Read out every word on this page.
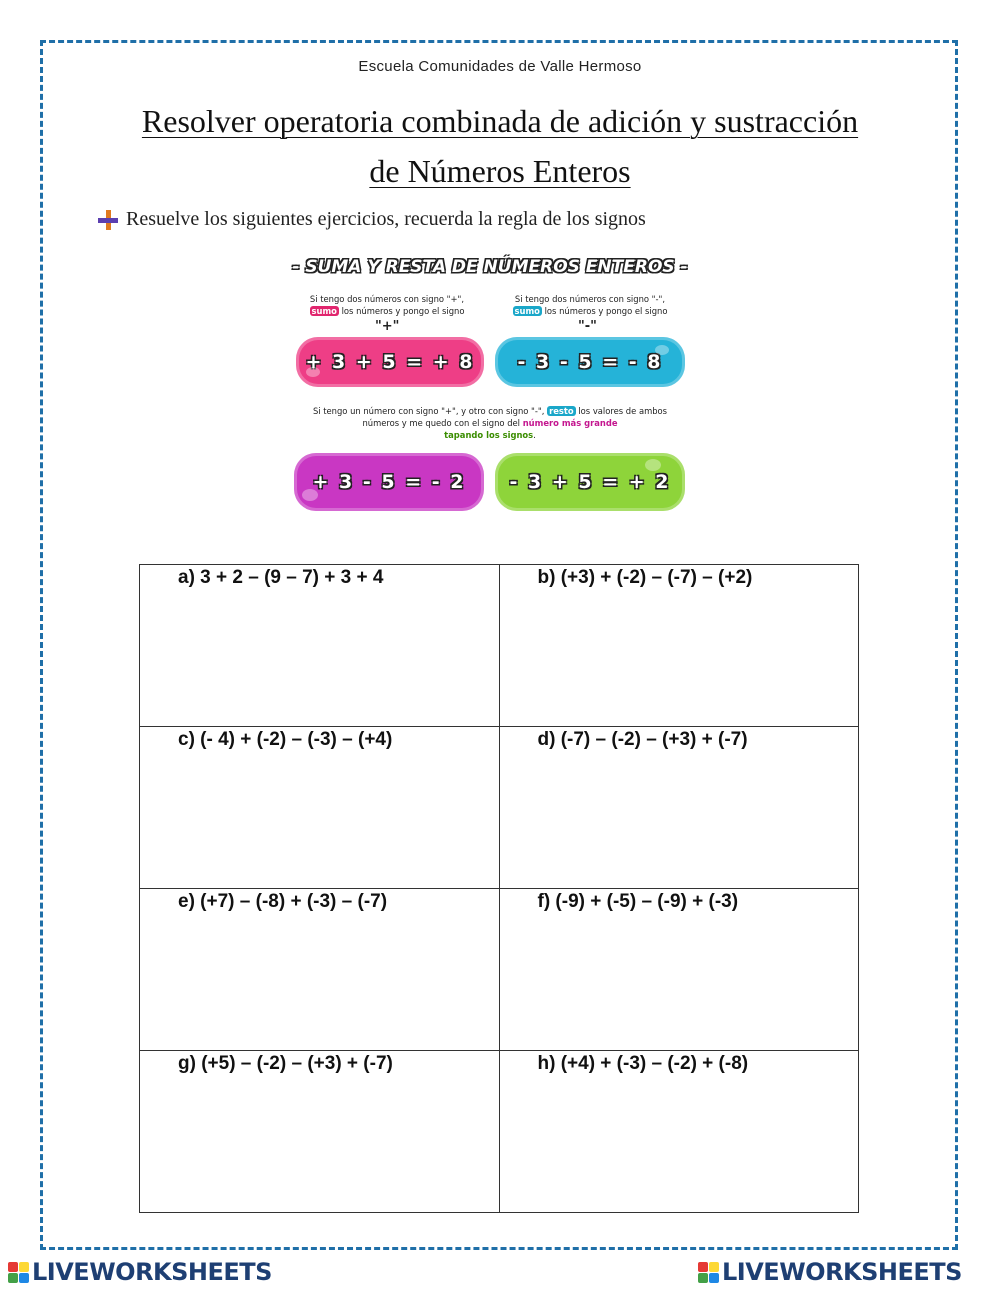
Escuela Comunidades de Valle Hermoso
Resolver operatoria combinada de adición y sustracción
de Números Enteros
Resuelve los siguientes ejercicios, recuerda la regla de los signos
- SUMA Y RESTA DE NÚMEROS ENTEROS -
Si tengo dos números con signo "+",
sumo los números y pongo el signo
"+"
Si tengo dos números con signo "-",
sumo los números y pongo el signo
"-"
+ 3 + 5 = + 8 - 3 - 5 = - 8
Si tengo un número con signo "+", y otro con signo "-", resto los valores de ambos números y me quedo con el signo del número más grande
tapando los signos.
+ 3 - 5 = - 2 - 3 + 5 = + 2
a) 3 + 2 – (9 – 7) + 3 + 4	b) (+3) + (-2) – (-7) – (+2)
c) (- 4) + (-2) – (-3) – (+4)	d) (-7) – (-2) – (+3) + (-7)
e) (+7) – (-8) + (-3) – (-7)	f) (-9) + (-5) – (-9) + (-3)
g) (+5) – (-2) – (+3) + (-7)	h) (+4) + (-3) – (-2) + (-8)
LIVEWORKSHEETS	LIVEWORKSHEETS
